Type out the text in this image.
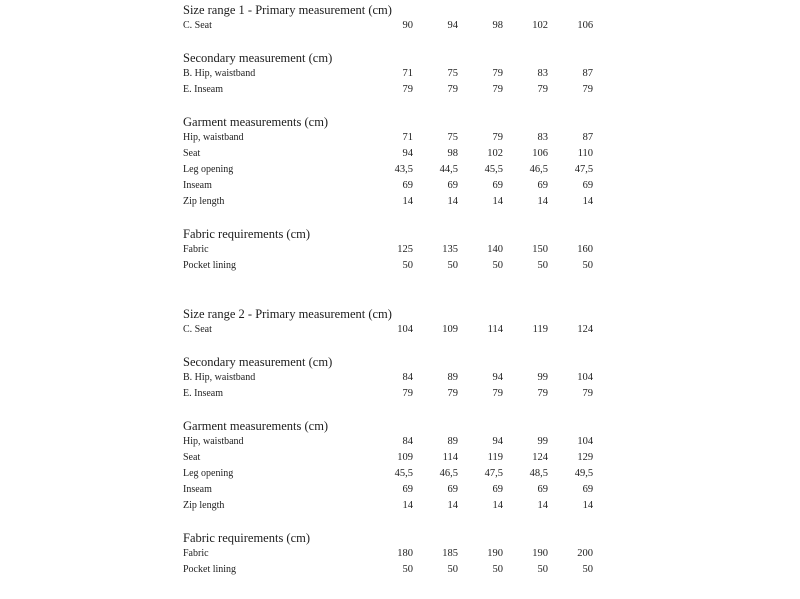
Size range 1 - Primary measurement (cm)
C. Seat	90	94	98	102	106
Secondary measurement (cm)					
B. Hip, waistband	71	75	79	83	87
E. Inseam	79	79	79	79	79
Garment measurements (cm)					
Hip, waistband	71	75	79	83	87
Seat	94	98	102	106	110
Leg opening	43,5	44,5	45,5	46,5	47,5
Inseam	69	69	69	69	69
Zip length	14	14	14	14	14
Fabric requirements (cm)					
Fabric	125	135	140	150	160
Pocket lining	50	50	50	50	50
Size range 2 - Primary measurement (cm)
C. Seat	104	109	114	119	124
Secondary measurement (cm)					
B. Hip, waistband	84	89	94	99	104
E. Inseam	79	79	79	79	79
Garment measurements (cm)					
Hip, waistband	84	89	94	99	104
Seat	109	114	119	124	129
Leg opening	45,5	46,5	47,5	48,5	49,5
Inseam	69	69	69	69	69
Zip length	14	14	14	14	14
Fabric requirements (cm)					
Fabric	180	185	190	190	200
Pocket lining	50	50	50	50	50
